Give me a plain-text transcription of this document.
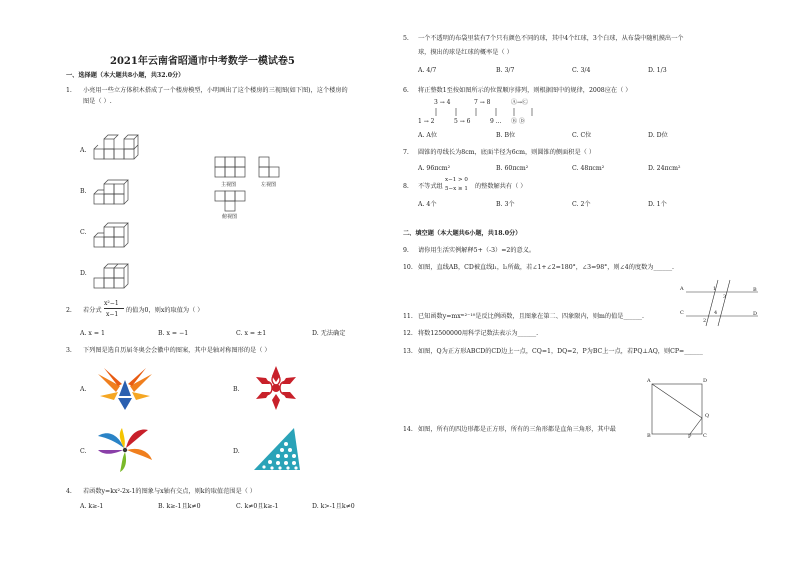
2021年云南省昭通市中考数学一模试卷5
一、选择题（本大题共8小题，共32.0分）
1. 小亮用一些立方体积木搭成了一个楼房模型，小明画出了这个楼房的三视图(如下图)，这个楼房的
图是（ ）.
A.
B.
C.
D.
主视图	左视图
俯视图
2. 若分式
x²−1
x−1
的值为0，则x的取值为（ ）
A. x = 1	B. x = −1	C. x = ±1	D. 无法确定
3. 下列图是选自历届冬奥会会徽中的图案，其中是轴对称图形的是（ ）
A.	B.
C.	D.
4. 若函数y=kx²-2x-1的图象与x轴有交点，则k的取值范围是（ ）
A. k≥-1	B. k≥-1且k≠0	C. k≠0且k≥-1	D. k>-1且k≠0
5. 一个不透明的布袋里装有7个只有颜色不同的球，其中4个红球，3个白球，从布袋中随机摸出一个
球，摸出的球是红球的概率是（ ）
A. 4/7	B. 3/7	C. 3/4	D. 1/3
6. 将正整数1至按如图所示的位置顺序排列，则根据图中的规律，2008应在（ ）
3 → 4	7 → 8	Ⓐ→Ⓒ
1 → 2	5 → 6	9 ... Ⓑ Ⓓ
A. A位	B. B位	C. C位	D. D位
7. 圆锥的母线长为8cm，底面半径为6cm，则圆锥的侧面积是（ ）
A. 96πcm²	B. 60πcm²	C. 48πcm²	D. 24πcm²
8. 不等式组
x−1 > 0
5−x ≥ 1 的整数解共有（ ）
A. 4个	B. 3个	C. 2个	D. 1个
二、填空题（本大题共6小题，共18.0分）
9. 请你用生活实例解释5+（-3）=2的意义。
10. 如图，直线AB，CD被直线l₁，l₂所截，若∠1+∠2=180°，∠3=98°，则∠4的度数为______.
A	B
C	D
1
3
2
4
11. 已知函数y=mxᵐ²⁻¹⁰是反比例函数，且图象在第二、四象限内，则m的值是______.
12. 将数12500000用科学记数法表示为______.
13. 如图，Q为正方形ABCD的CD边上一点，CQ=1，DQ=2，P为BC上一点，若PQ⊥AQ，则CP=______
A	D
Q
B	P C
14. 如图，所有的四边形都是正方形，所有的三角形都是直角三角形，其中最
